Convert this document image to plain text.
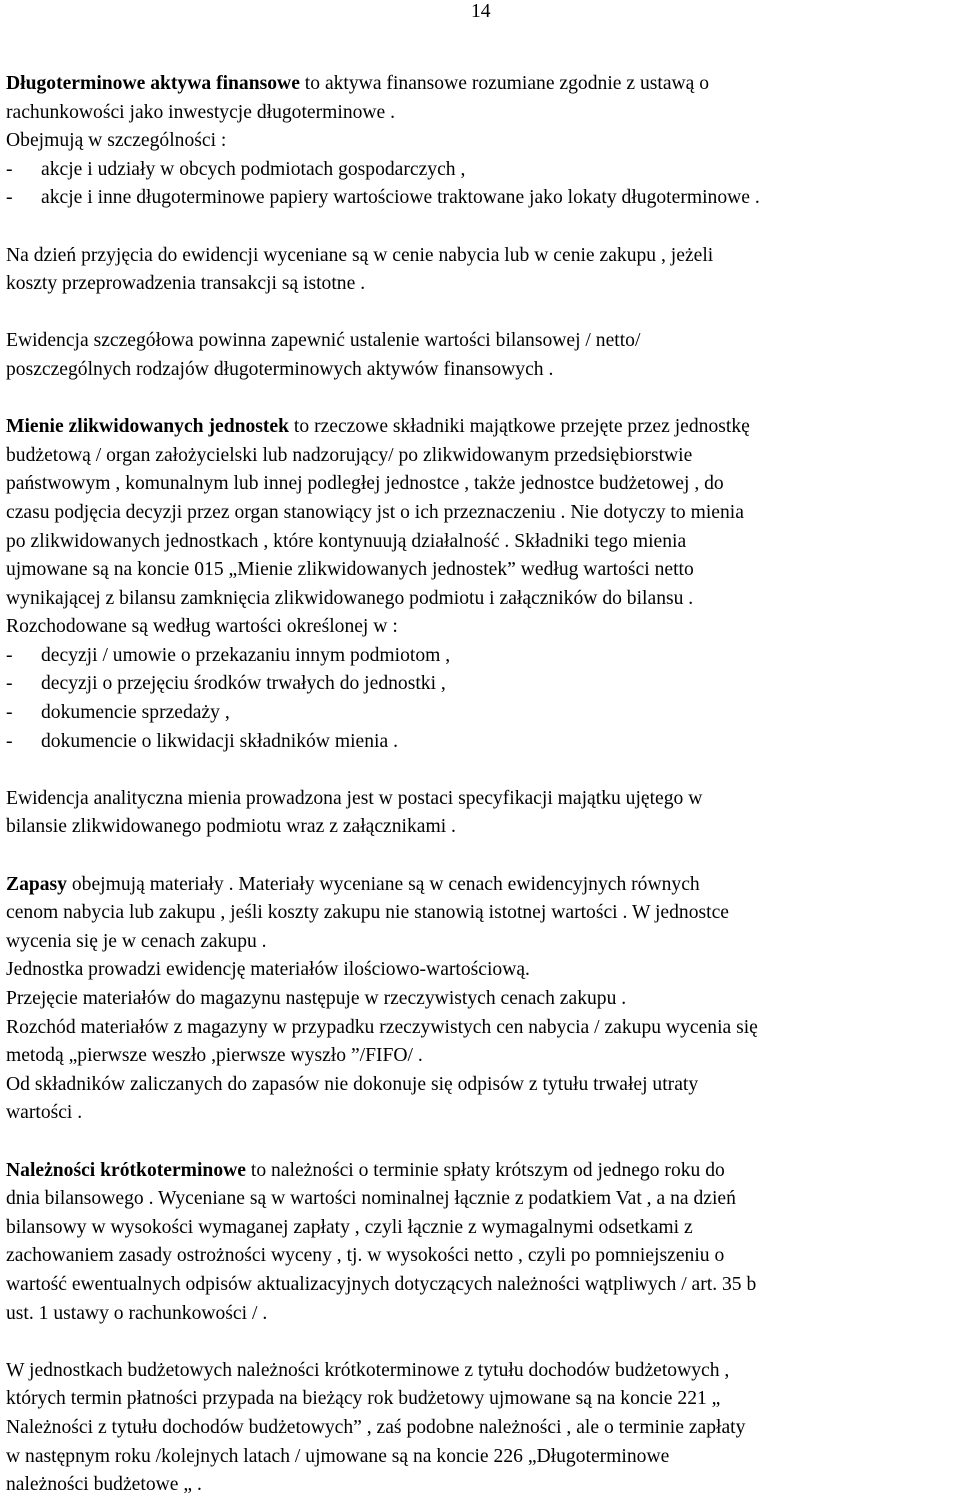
14
Długoterminowe aktywa finansowe to aktywa finansowe rozumiane zgodnie z ustawą o
rachunkowości jako inwestycje długoterminowe .
Obejmują w szczególności :
- akcje i udziały w obcych podmiotach gospodarczych ,
- akcje i inne długoterminowe papiery wartościowe traktowane jako lokaty długoterminowe .
Na dzień przyjęcia do ewidencji wyceniane są w cenie nabycia lub w cenie zakupu , jeżeli
koszty przeprowadzenia transakcji są istotne .
Ewidencja szczegółowa powinna zapewnić ustalenie wartości bilansowej / netto/
poszczególnych rodzajów długoterminowych aktywów finansowych .
Mienie zlikwidowanych jednostek to rzeczowe składniki majątkowe przejęte przez jednostkę
budżetową / organ założycielski lub nadzorujący/ po zlikwidowanym przedsiębiorstwie
państwowym , komunalnym lub innej podległej jednostce , także jednostce budżetowej , do
czasu podjęcia decyzji przez organ stanowiący jst o ich przeznaczeniu . Nie dotyczy to mienia
po zlikwidowanych jednostkach , które kontynuują działalność . Składniki tego mienia
ujmowane są na koncie 015 „Mienie zlikwidowanych jednostek” według wartości netto
wynikającej z bilansu zamknięcia zlikwidowanego podmiotu i załączników do bilansu .
Rozchodowane są według wartości określonej w :
- decyzji / umowie o przekazaniu innym podmiotom ,
- decyzji o przejęciu środków trwałych do jednostki ,
- dokumencie sprzedaży ,
- dokumencie o likwidacji składników mienia .
Ewidencja analityczna mienia prowadzona jest w postaci specyfikacji majątku ujętego w
bilansie zlikwidowanego podmiotu wraz z załącznikami .
Zapasy obejmują materiały . Materiały wyceniane są w cenach ewidencyjnych równych
cenom nabycia lub zakupu , jeśli koszty zakupu nie stanowią istotnej wartości . W jednostce
wycenia się je w cenach zakupu .
Jednostka prowadzi ewidencję materiałów ilościowo-wartościową.
Przejęcie materiałów do magazynu następuje w rzeczywistych cenach zakupu .
Rozchód materiałów z magazyny w przypadku rzeczywistych cen nabycia / zakupu wycenia się
metodą „pierwsze weszło ,pierwsze wyszło ”/FIFO/ .
Od składników zaliczanych do zapasów nie dokonuje się odpisów z tytułu trwałej utraty
wartości .
Należności krótkoterminowe to należności o terminie spłaty krótszym od jednego roku do
dnia bilansowego . Wyceniane są w wartości nominalnej łącznie z podatkiem Vat , a na dzień
bilansowy w wysokości wymaganej zapłaty , czyli łącznie z wymagalnymi odsetkami z
zachowaniem zasady ostrożności wyceny , tj. w wysokości netto , czyli po pomniejszeniu o
wartość ewentualnych odpisów aktualizacyjnych dotyczących należności wątpliwych / art. 35 b
ust. 1 ustawy o rachunkowości / .
W jednostkach budżetowych należności krótkoterminowe z tytułu dochodów budżetowych ,
których termin płatności przypada na bieżący rok budżetowy ujmowane są na koncie 221 „
Należności z tytułu dochodów budżetowych” , zaś podobne należności , ale o terminie zapłaty
w następnym roku /kolejnych latach / ujmowane są na koncie 226 „Długoterminowe
należności budżetowe „ .
